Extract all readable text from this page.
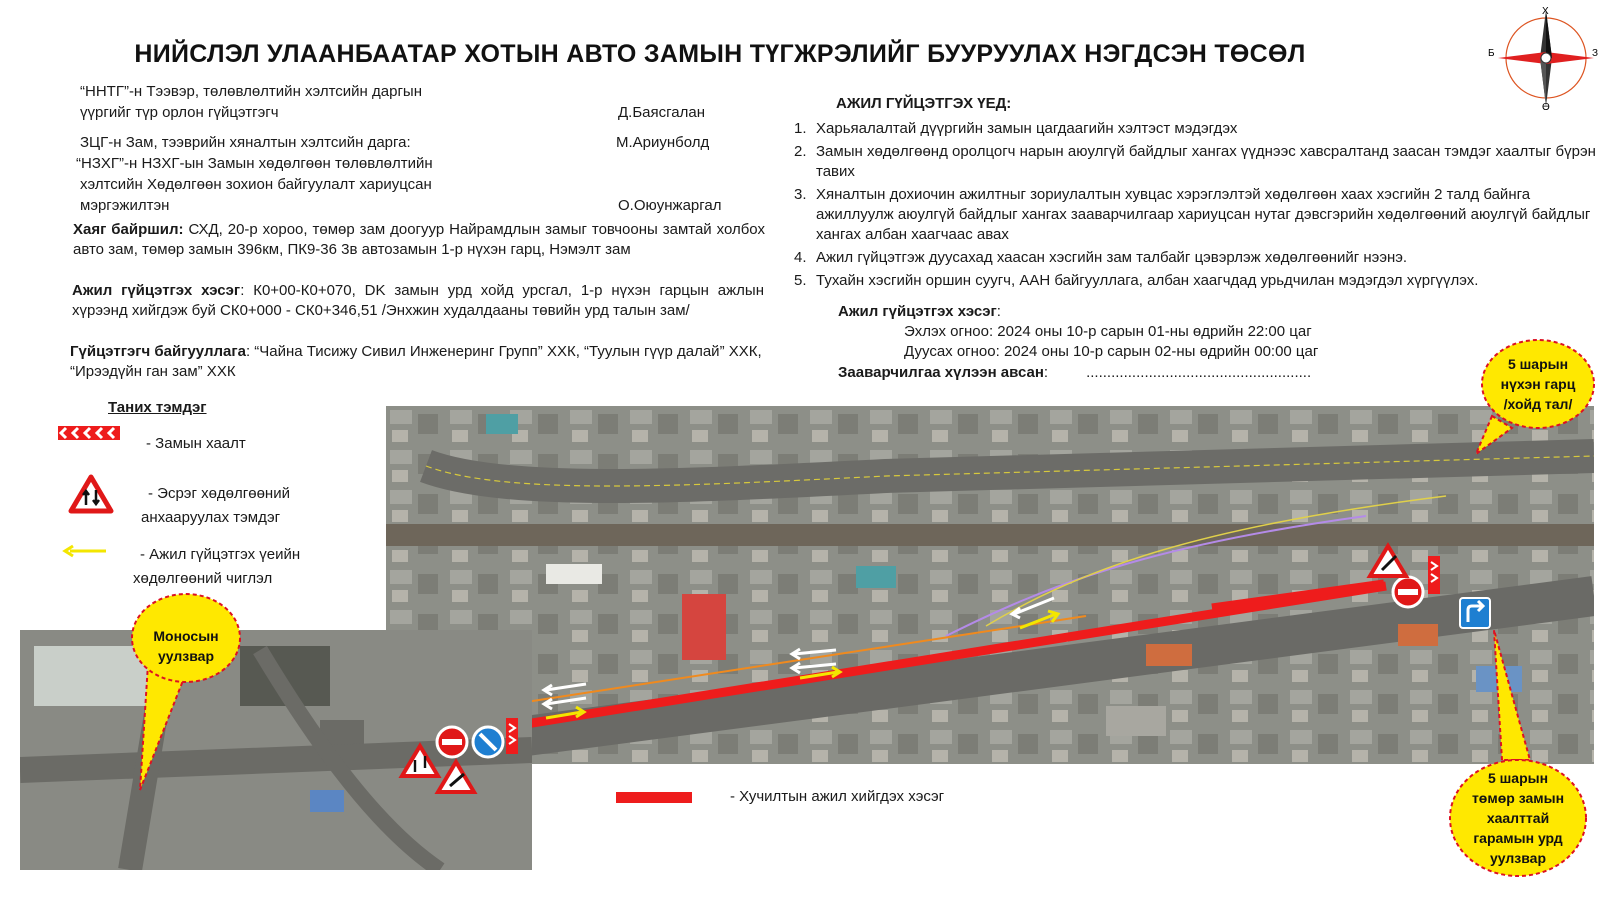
НИЙСЛЭЛ УЛААНБААТАР ХОТЫН АВТО ЗАМЫН ТҮГЖРЭЛИЙГ БУУРУУЛАХ НЭГДСЭН ТӨСӨЛ
Х
Ө
Б	З
“ННТГ”-н Тээвэр, төлөвлөлтийн хэлтсийн даргын
үүргийг түр орлон гүйцэтгэгч	Д.Баясгалан
ЗЦГ-н Зам, тээврийн хяналтын хэлтсийн дарга:	М.Ариунболд
“НЗХГ”-н НЗХГ-ын Замын хөдөлгөөн төлөвлөлтийн
хэлтсийн Хөдөлгөөн зохион байгуулалт хариуцсан
мэргэжилтэн	О.Оюунжаргал
Хаяг байршил: СХД, 20-р хороо, төмөр зам доогуур Найрамдлын замыг товчооны замтай холбох авто зам, төмөр замын 396км, ПК9-36 3в автозамын 1-р нүхэн гарц, Нэмэлт зам
Ажил гүйцэтгэх хэсэг: К0+00-К0+070, DK замын урд хойд урсгал, 1-р нүхэн гарцын ажлын хүрээнд хийгдэж буй СК0+000 - СК0+346,51 /Энхжин худалдааны төвийн урд талын зам/
Гүйцэтгэгч байгууллага: “Чайна Тисижу Сивил Инженеринг Групп” ХХК, “Туулын гүүр далай” ХХК, “Ирээдүйн ган зам” ХХК
АЖИЛ ГҮЙЦЭТГЭХ ҮЕД:
1. Харьяалалтай дүүргийн замын цагдаагийн хэлтэст мэдэгдэх
2. Замын хөдөлгөөнд оролцогч нарын аюулгүй байдлыг хангах үүднээс хавсралтанд заасан тэмдэг хаалтыг бүрэн тавих
3. Хяналтын дохиочин ажилтныг зориулалтын хувцас хэрэглэлтэй хөдөлгөөн хаах хэсгийн 2 талд байнга ажиллуулж аюулгүй байдлыг хангах зааварчилгаар хариуцсан нутаг дэвсгэрийн хөдөлгөөний аюулгүй байдлыг хангах албан хаагчаас авах
4. Ажил гүйцэтгэж дуусахад хаасан хэсгийн зам талбайг цэвэрлэж хөдөлгөөнийг нээнэ.
5. Тухайн хэсгийн оршин суугч, ААН байгууллага, албан хаагчдад урьдчилан мэдэгдэл хүргүүлэх.
Ажил гүйцэтгэх хэсэг:
Эхлэх огноо: 2024 оны 10-р сарын 01-ны өдрийн 22:00 цаг
Дуусах огноо: 2024 оны 10-р сарын 02-ны өдрийн 00:00 цаг
Зааварчилгаа хүлээн авсан:	......................................................
Таних тэмдэг
- Замын хаалт
- Эсрэг хөдөлгөөний
анхааруулах тэмдэг
- Ажил гүйцэтгэх үеийн
хөдөлгөөний чиглэл
Моносын
уулзвар
5 шарын
нүхэн гарц
/хойд тал/
5 шарын
төмөр замын
хаалттай
гарамын урд
уулзвар
- Хучилтын ажил хийгдэх хэсэг
